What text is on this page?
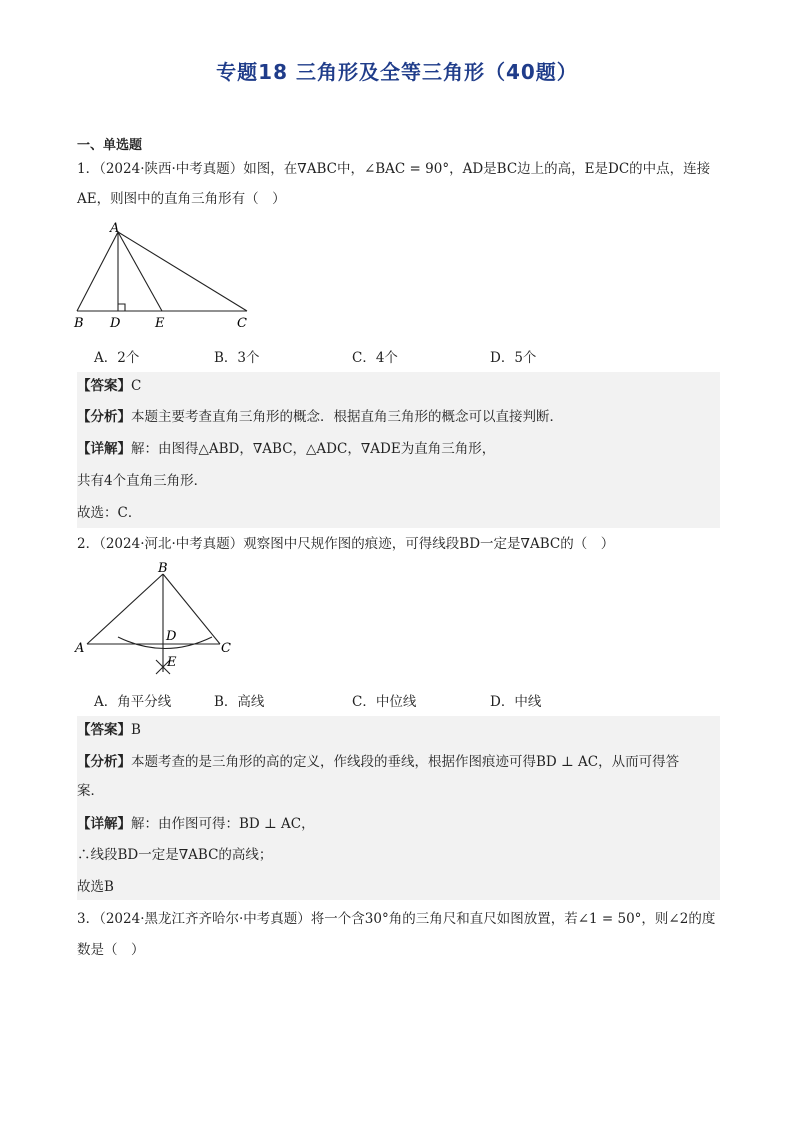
专题18 三角形及全等三角形（40题）
一、单选题
1．（2024·陕西·中考真题）如图，在∇ABC中，∠BAC = 90°，AD是BC边上的高，E是DC的中点，连接
AE，则图中的直角三角形有（　）
A
B D	E	C
A．2个	B．3个	C．4个	D．5个
【答案】C
【分析】本题主要考查直角三角形的概念．根据直角三角形的概念可以直接判断．
【详解】解：由图得△ABD，∇ABC，△ADC，∇ADE为直角三角形，
共有4个直角三角形．
故选：C．
2．（2024·河北·中考真题）观察图中尺规作图的痕迹，可得线段BD一定是∇ABC的（　）
B
A	C
D
E
A．角平分线	B．高线	C．中位线	D．中线
【答案】B
【分析】本题考查的是三角形的高的定义，作线段的垂线，根据作图痕迹可得BD ⊥ AC，从而可得答
案．
【详解】解：由作图可得：BD ⊥ AC，
∴线段BD一定是∇ABC的高线；
故选B
3．（2024·黑龙江齐齐哈尔·中考真题）将一个含30°角的三角尺和直尺如图放置，若∠1 = 50°，则∠2的度
数是（　）
